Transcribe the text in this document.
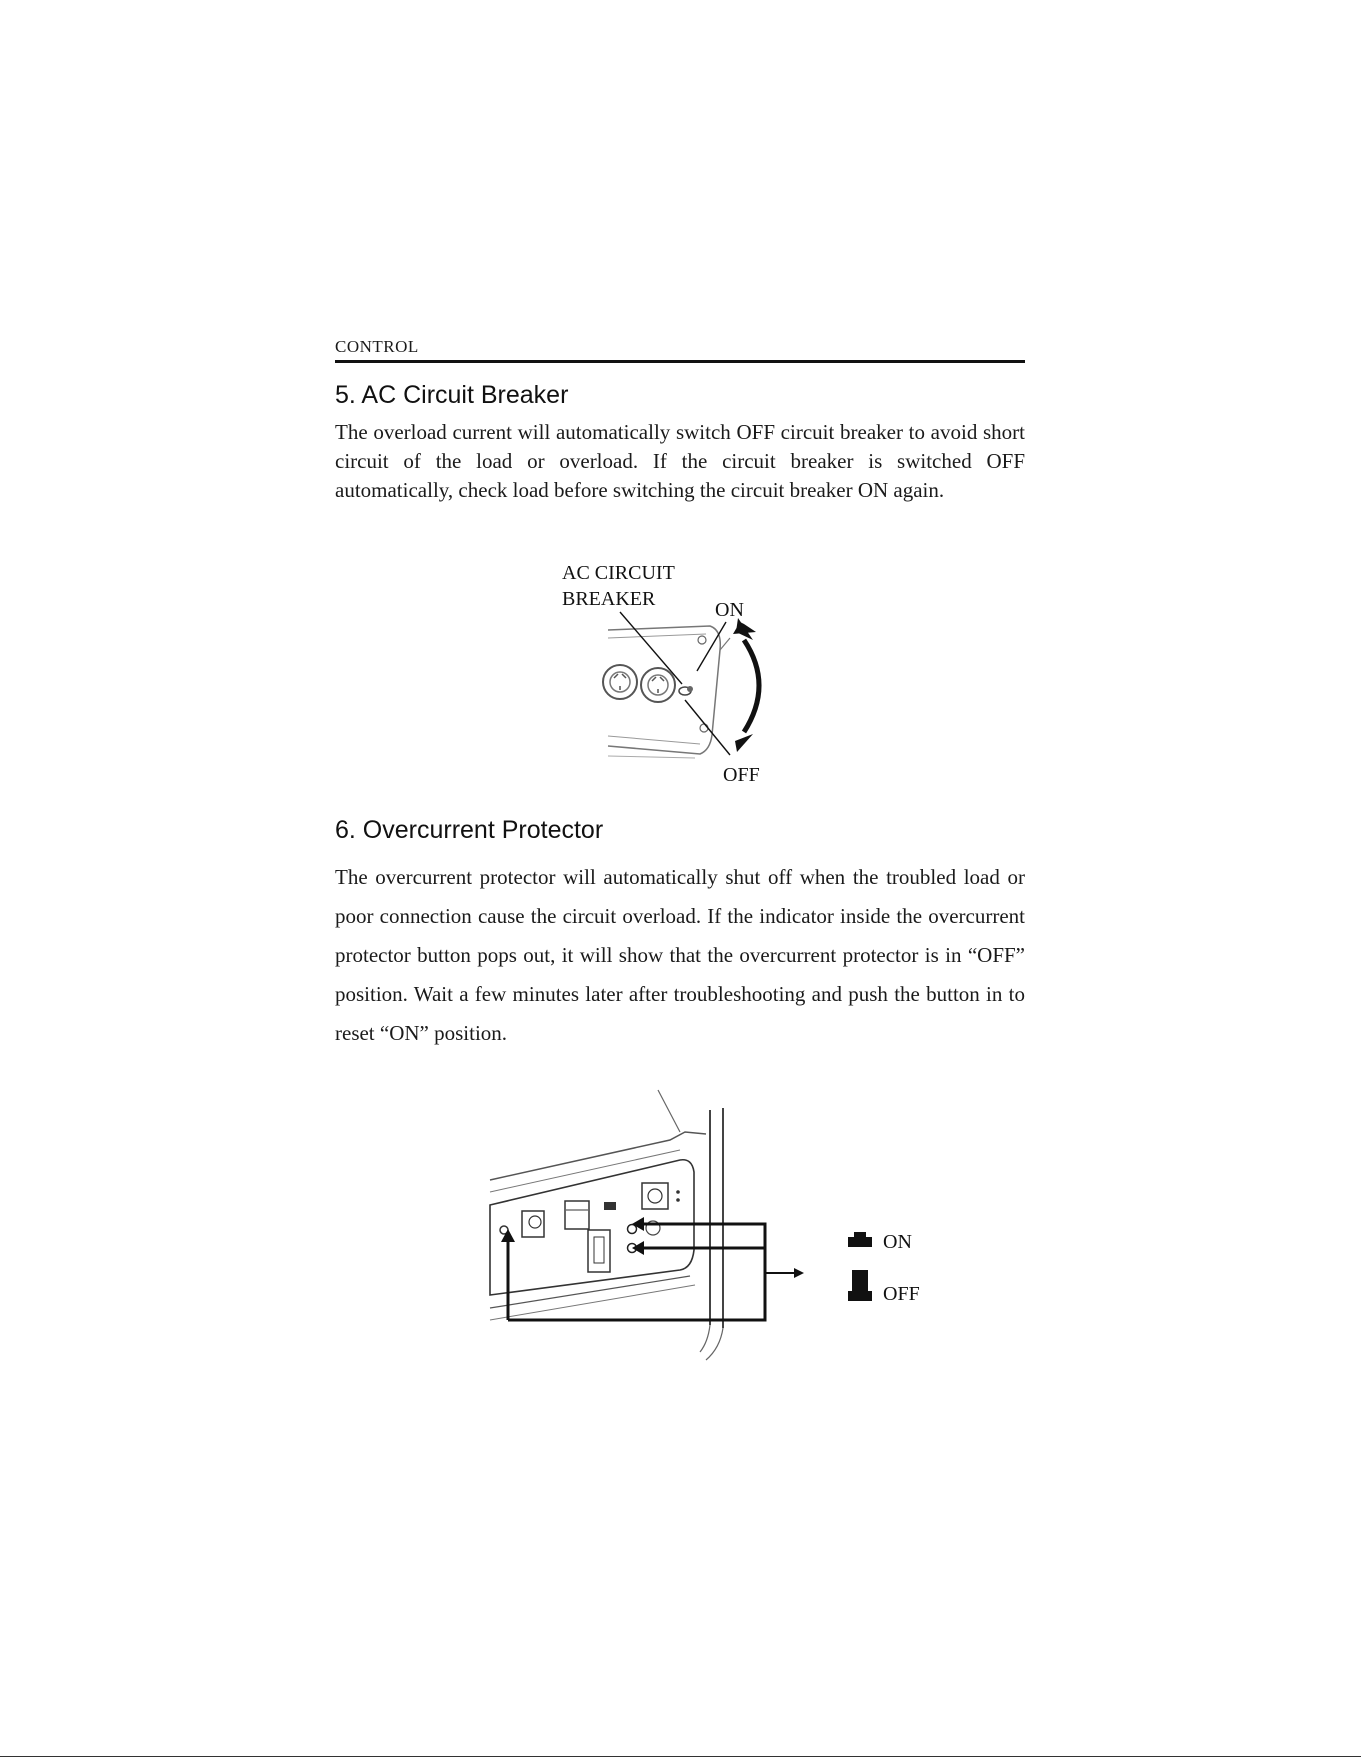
CONTROL
5. AC Circuit Breaker

The overload current will automatically switch OFF circuit breaker to avoid short circuit of the load or overload. If the circuit breaker is switched OFF automatically, check load before switching the circuit breaker ON again.

AC CIRCUIT
BREAKER	ON
OFF
6. Overcurrent Protector

The overcurrent protector will automatically shut off when the troubled load or poor connection cause the circuit overload. If the indicator inside the overcurrent protector button pops out, it will show that the overcurrent protector is in “OFF” position. Wait a few minutes later after troubleshooting and push the button in to reset “ON” position.

ON
OFF
